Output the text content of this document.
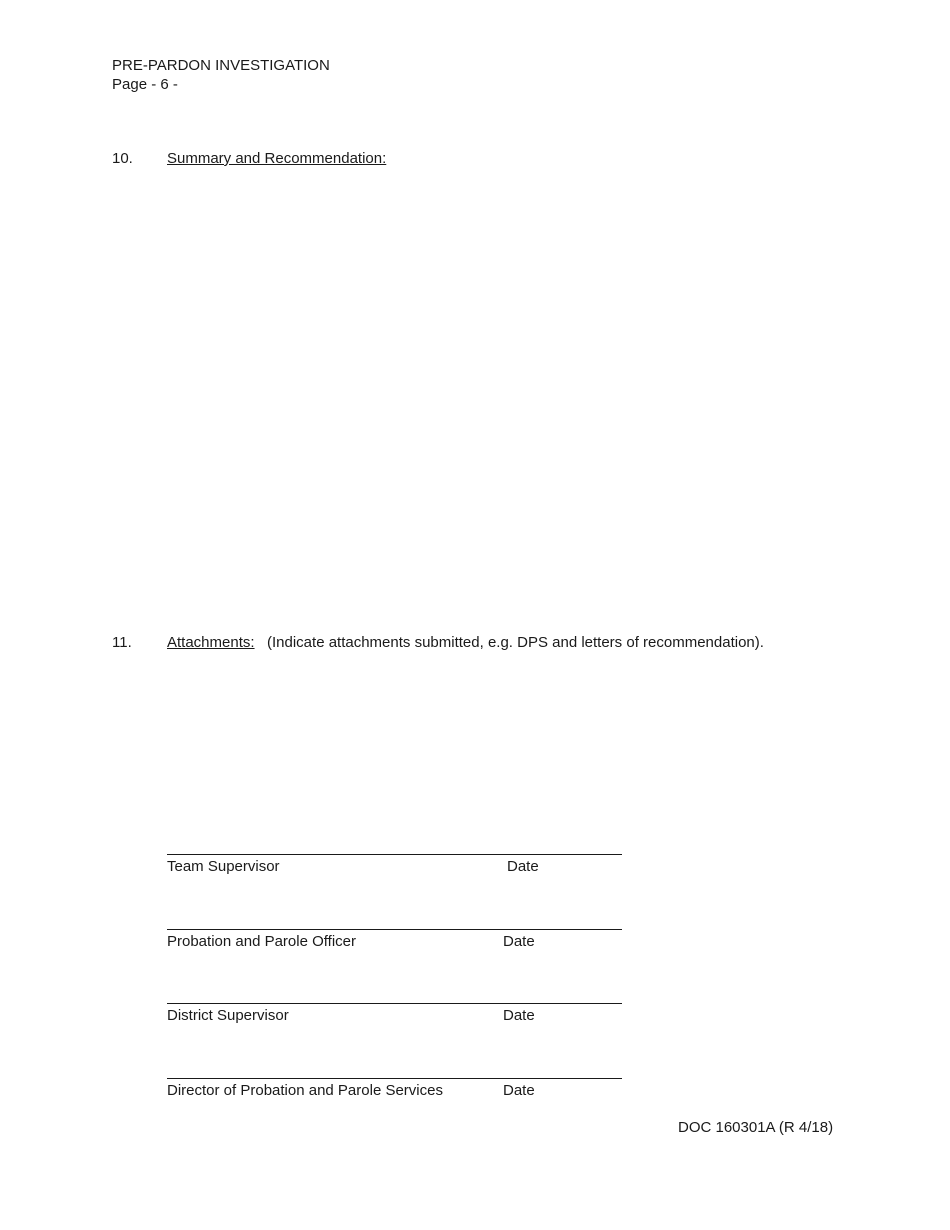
PRE-PARDON INVESTIGATION
Page - 6 -
10. Summary and Recommendation:
11. Attachments: (Indicate attachments submitted, e.g. DPS and letters of recommendation).
Team Supervisor	Date
Probation and Parole Officer	Date
District Supervisor	Date
Director of Probation and Parole Services	Date
DOC 160301A (R 4/18)
